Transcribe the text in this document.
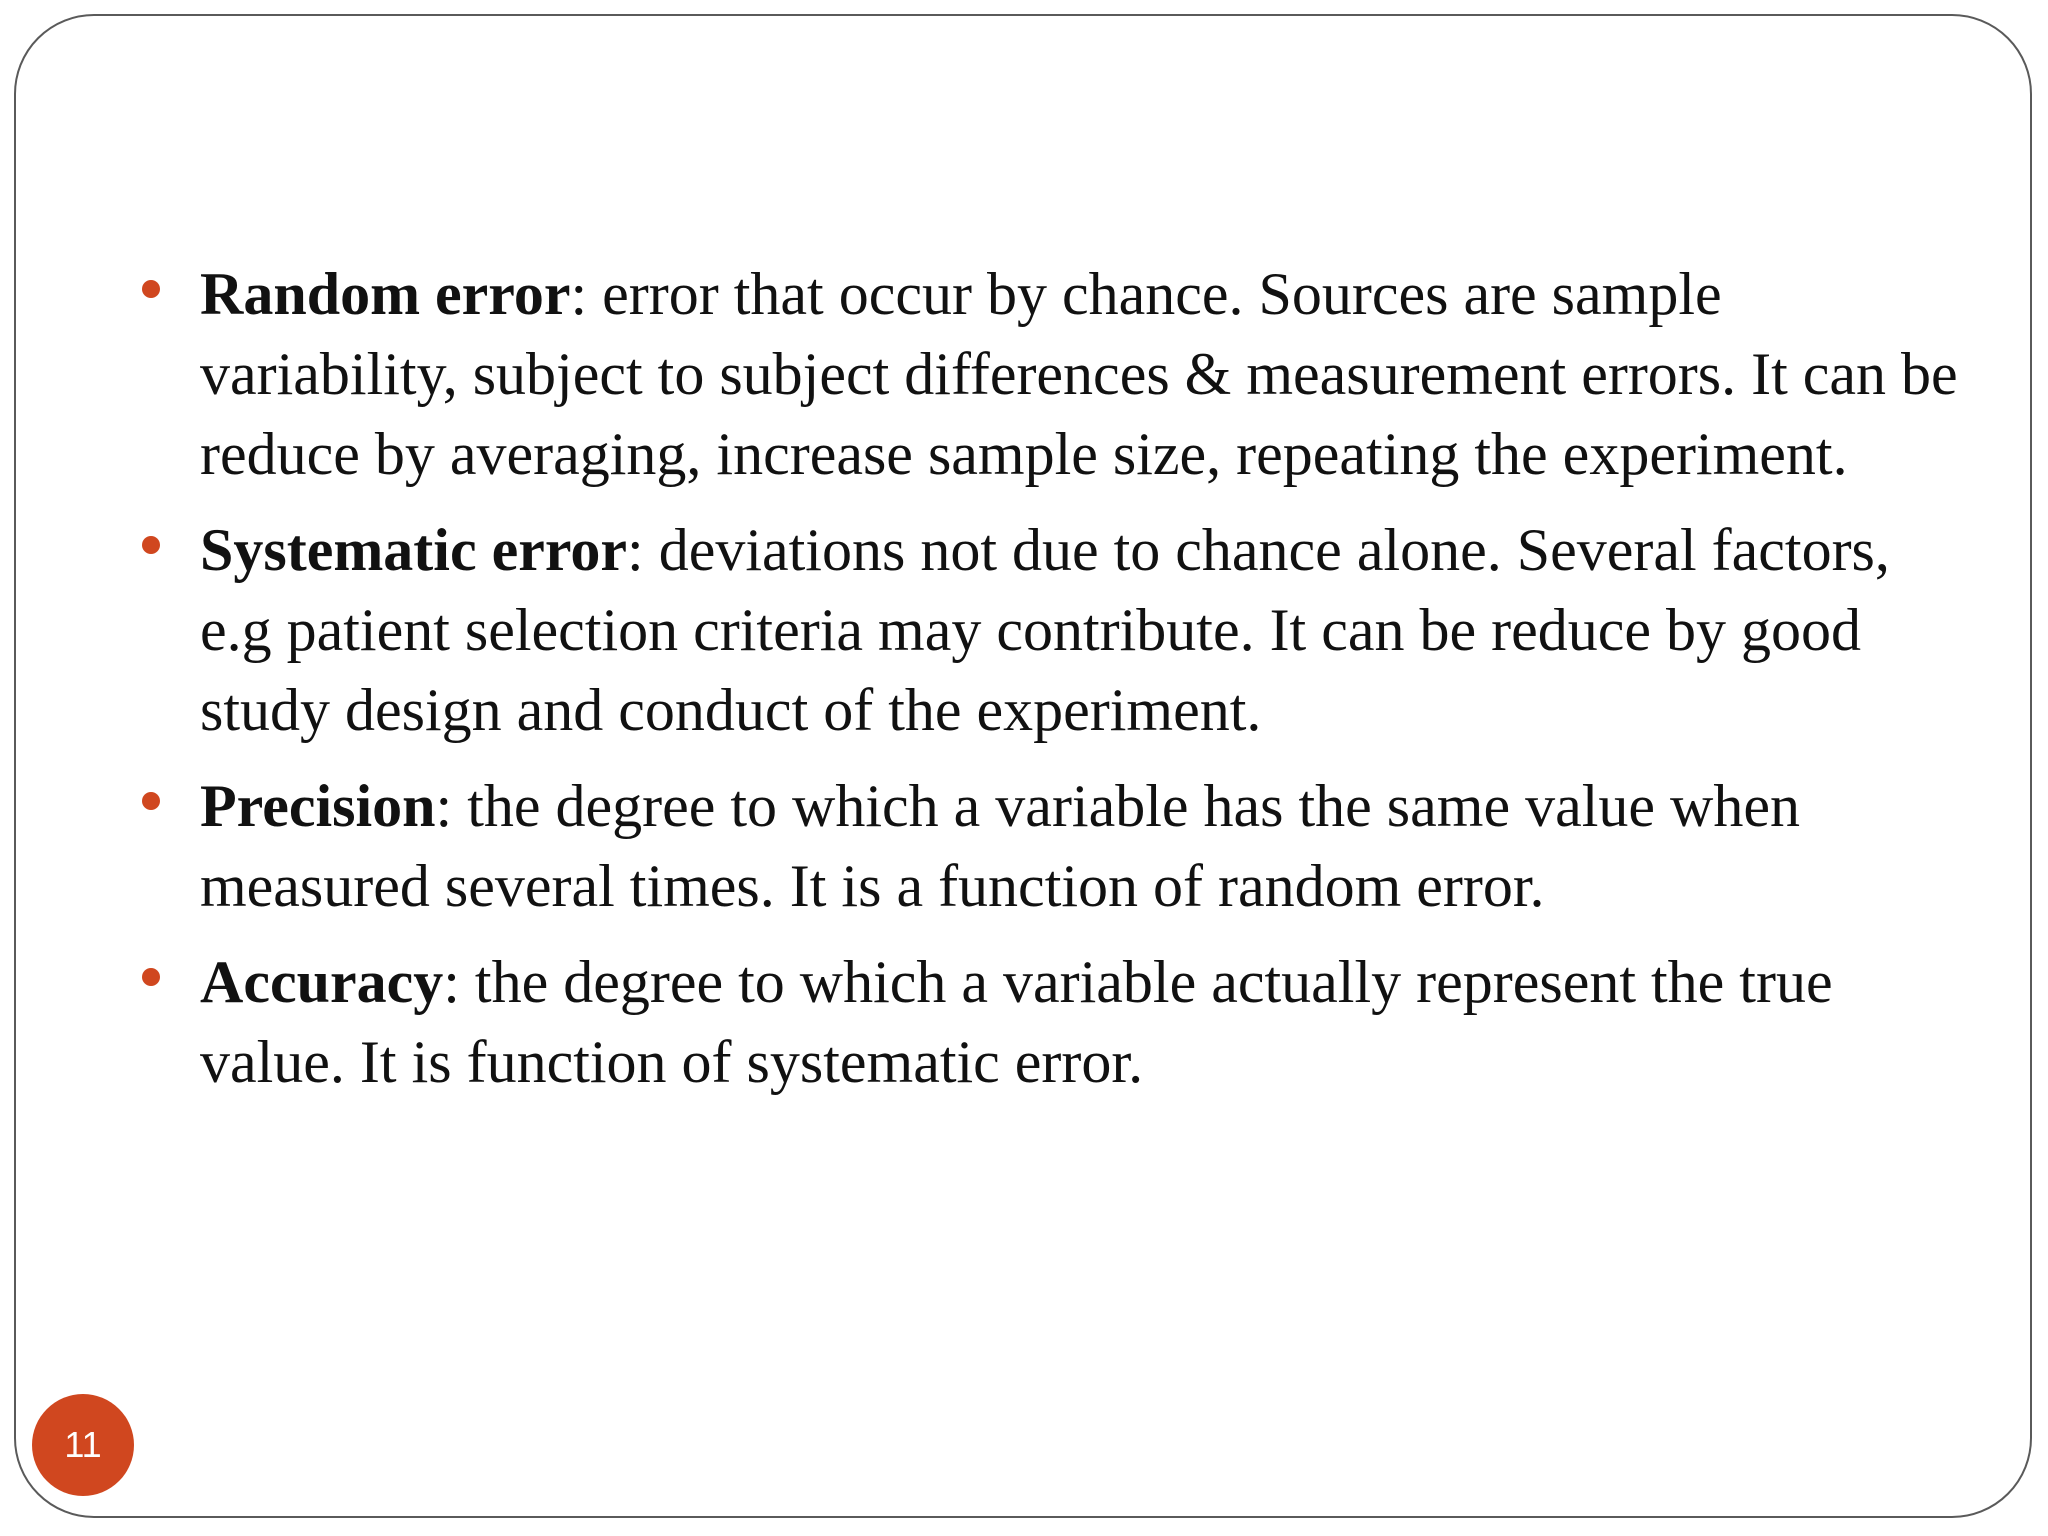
Random error: error that occur by chance. Sources are sample variability, subject to subject differences & measurement errors. It can be reduce by averaging, increase sample size, repeating the experiment.
Systematic error: deviations not due to chance alone. Several factors, e.g patient selection criteria may contribute. It can be reduce by good study design and conduct of the experiment.
Precision: the degree to which a variable has the same value when measured several times. It is a function of random error.
Accuracy: the degree to which a variable actually represent the true value. It is function of systematic error.
11
